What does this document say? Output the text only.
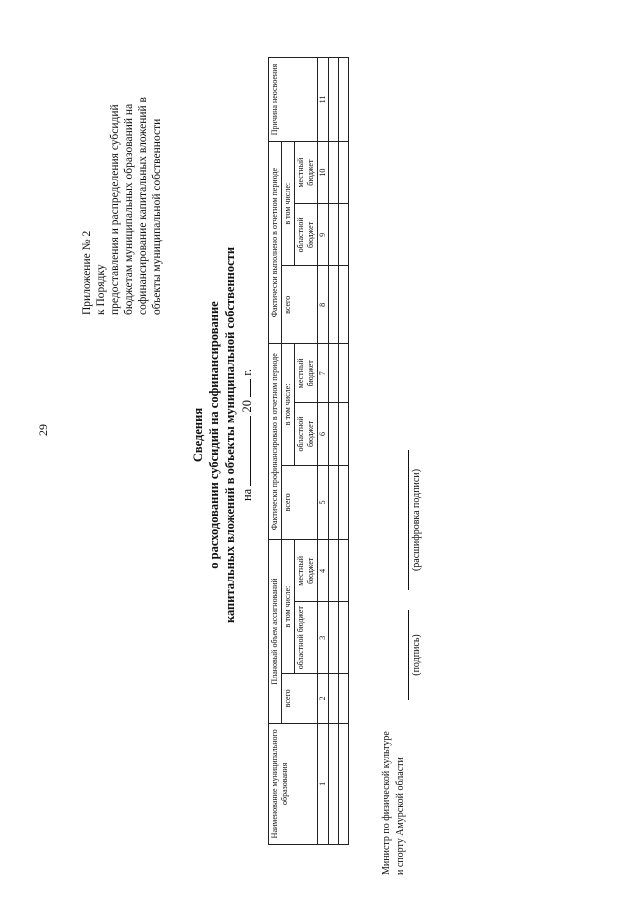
29
Приложение № 2 к Порядку предоставления и распределения субсидий бюджетам муниципальных образований на софинансирование капитальных вложений в объекты муниципальной собственности
Сведения о расходовании субсидий на софинансирование капитальных вложений в объекты муниципальной собственности на  20  г.
Наименование муниципального образования	Плановый объем ассигнований			Фактически профинансировано в отчетном периоде			Фактически выполнено в отчетном периоде			Причина неосвоения
	всего	в том числе:		всего	в том числе:		всего	в том числе:		
		областной бюджет	местный бюджет		областной бюджет	местный бюджет		областной бюджет	местный бюджет	
1	2	3	4	5	6	7	8	9	10	11

Министр по физической культуре и спорту Амурской области
(подпись)
(расшифровка подписи)
